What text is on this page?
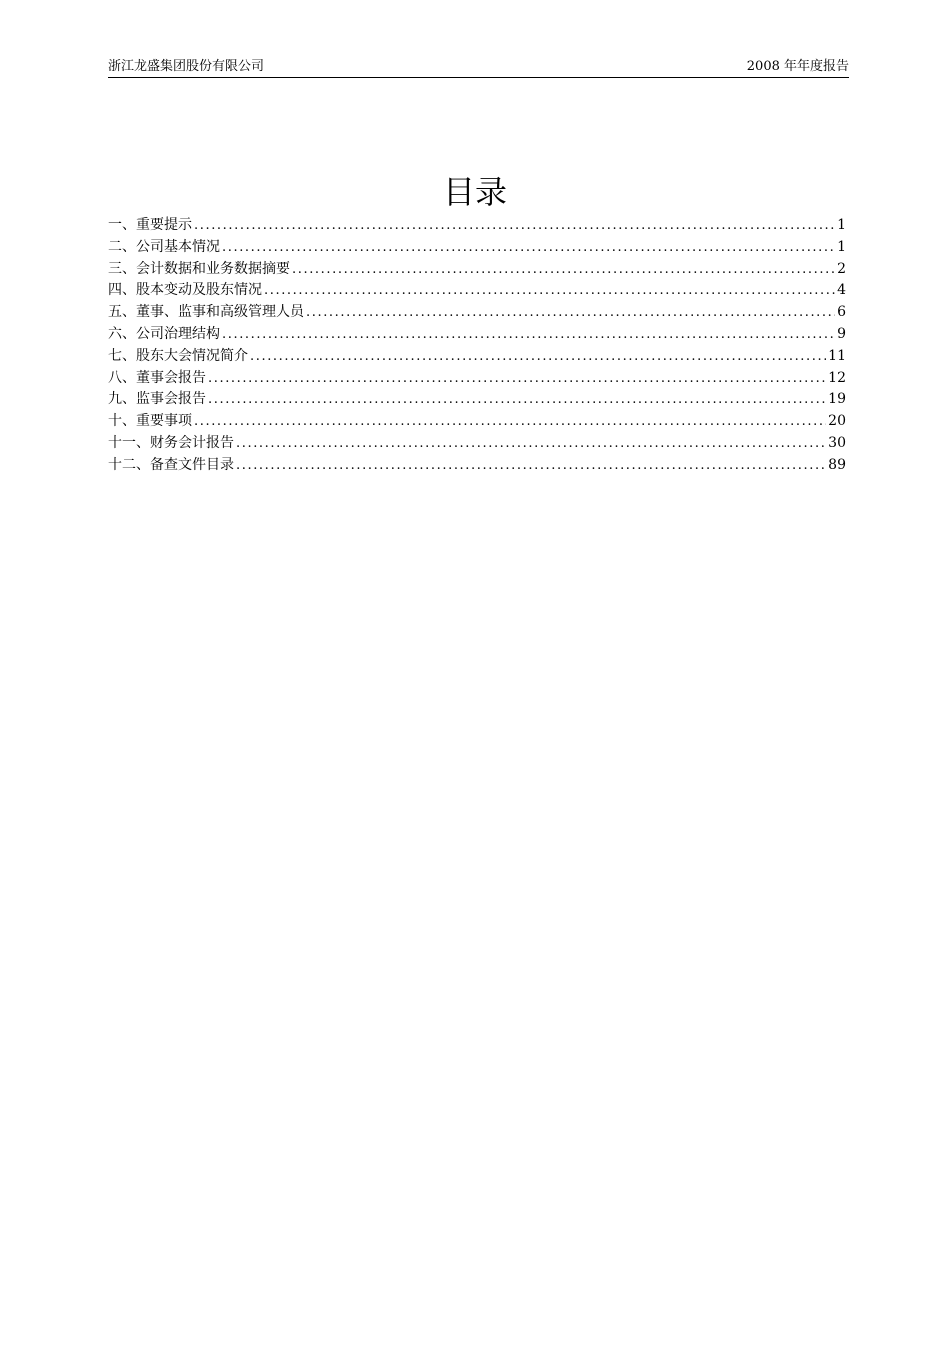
浙江龙盛集团股份有限公司	2008 年年度报告
目录
一、重要提示 .....	1
二、公司基本情况 .....	1
三、会计数据和业务数据摘要 .....	2
四、股本变动及股东情况 .....	4
五、董事、监事和高级管理人员 .....	6
六、公司治理结构 .....	9
七、股东大会情况简介 .....	11
八、董事会报告 .....	12
九、监事会报告 .....	19
十、重要事项 .....	20
十一、财务会计报告 .....	30
十二、备查文件目录 .....	89
